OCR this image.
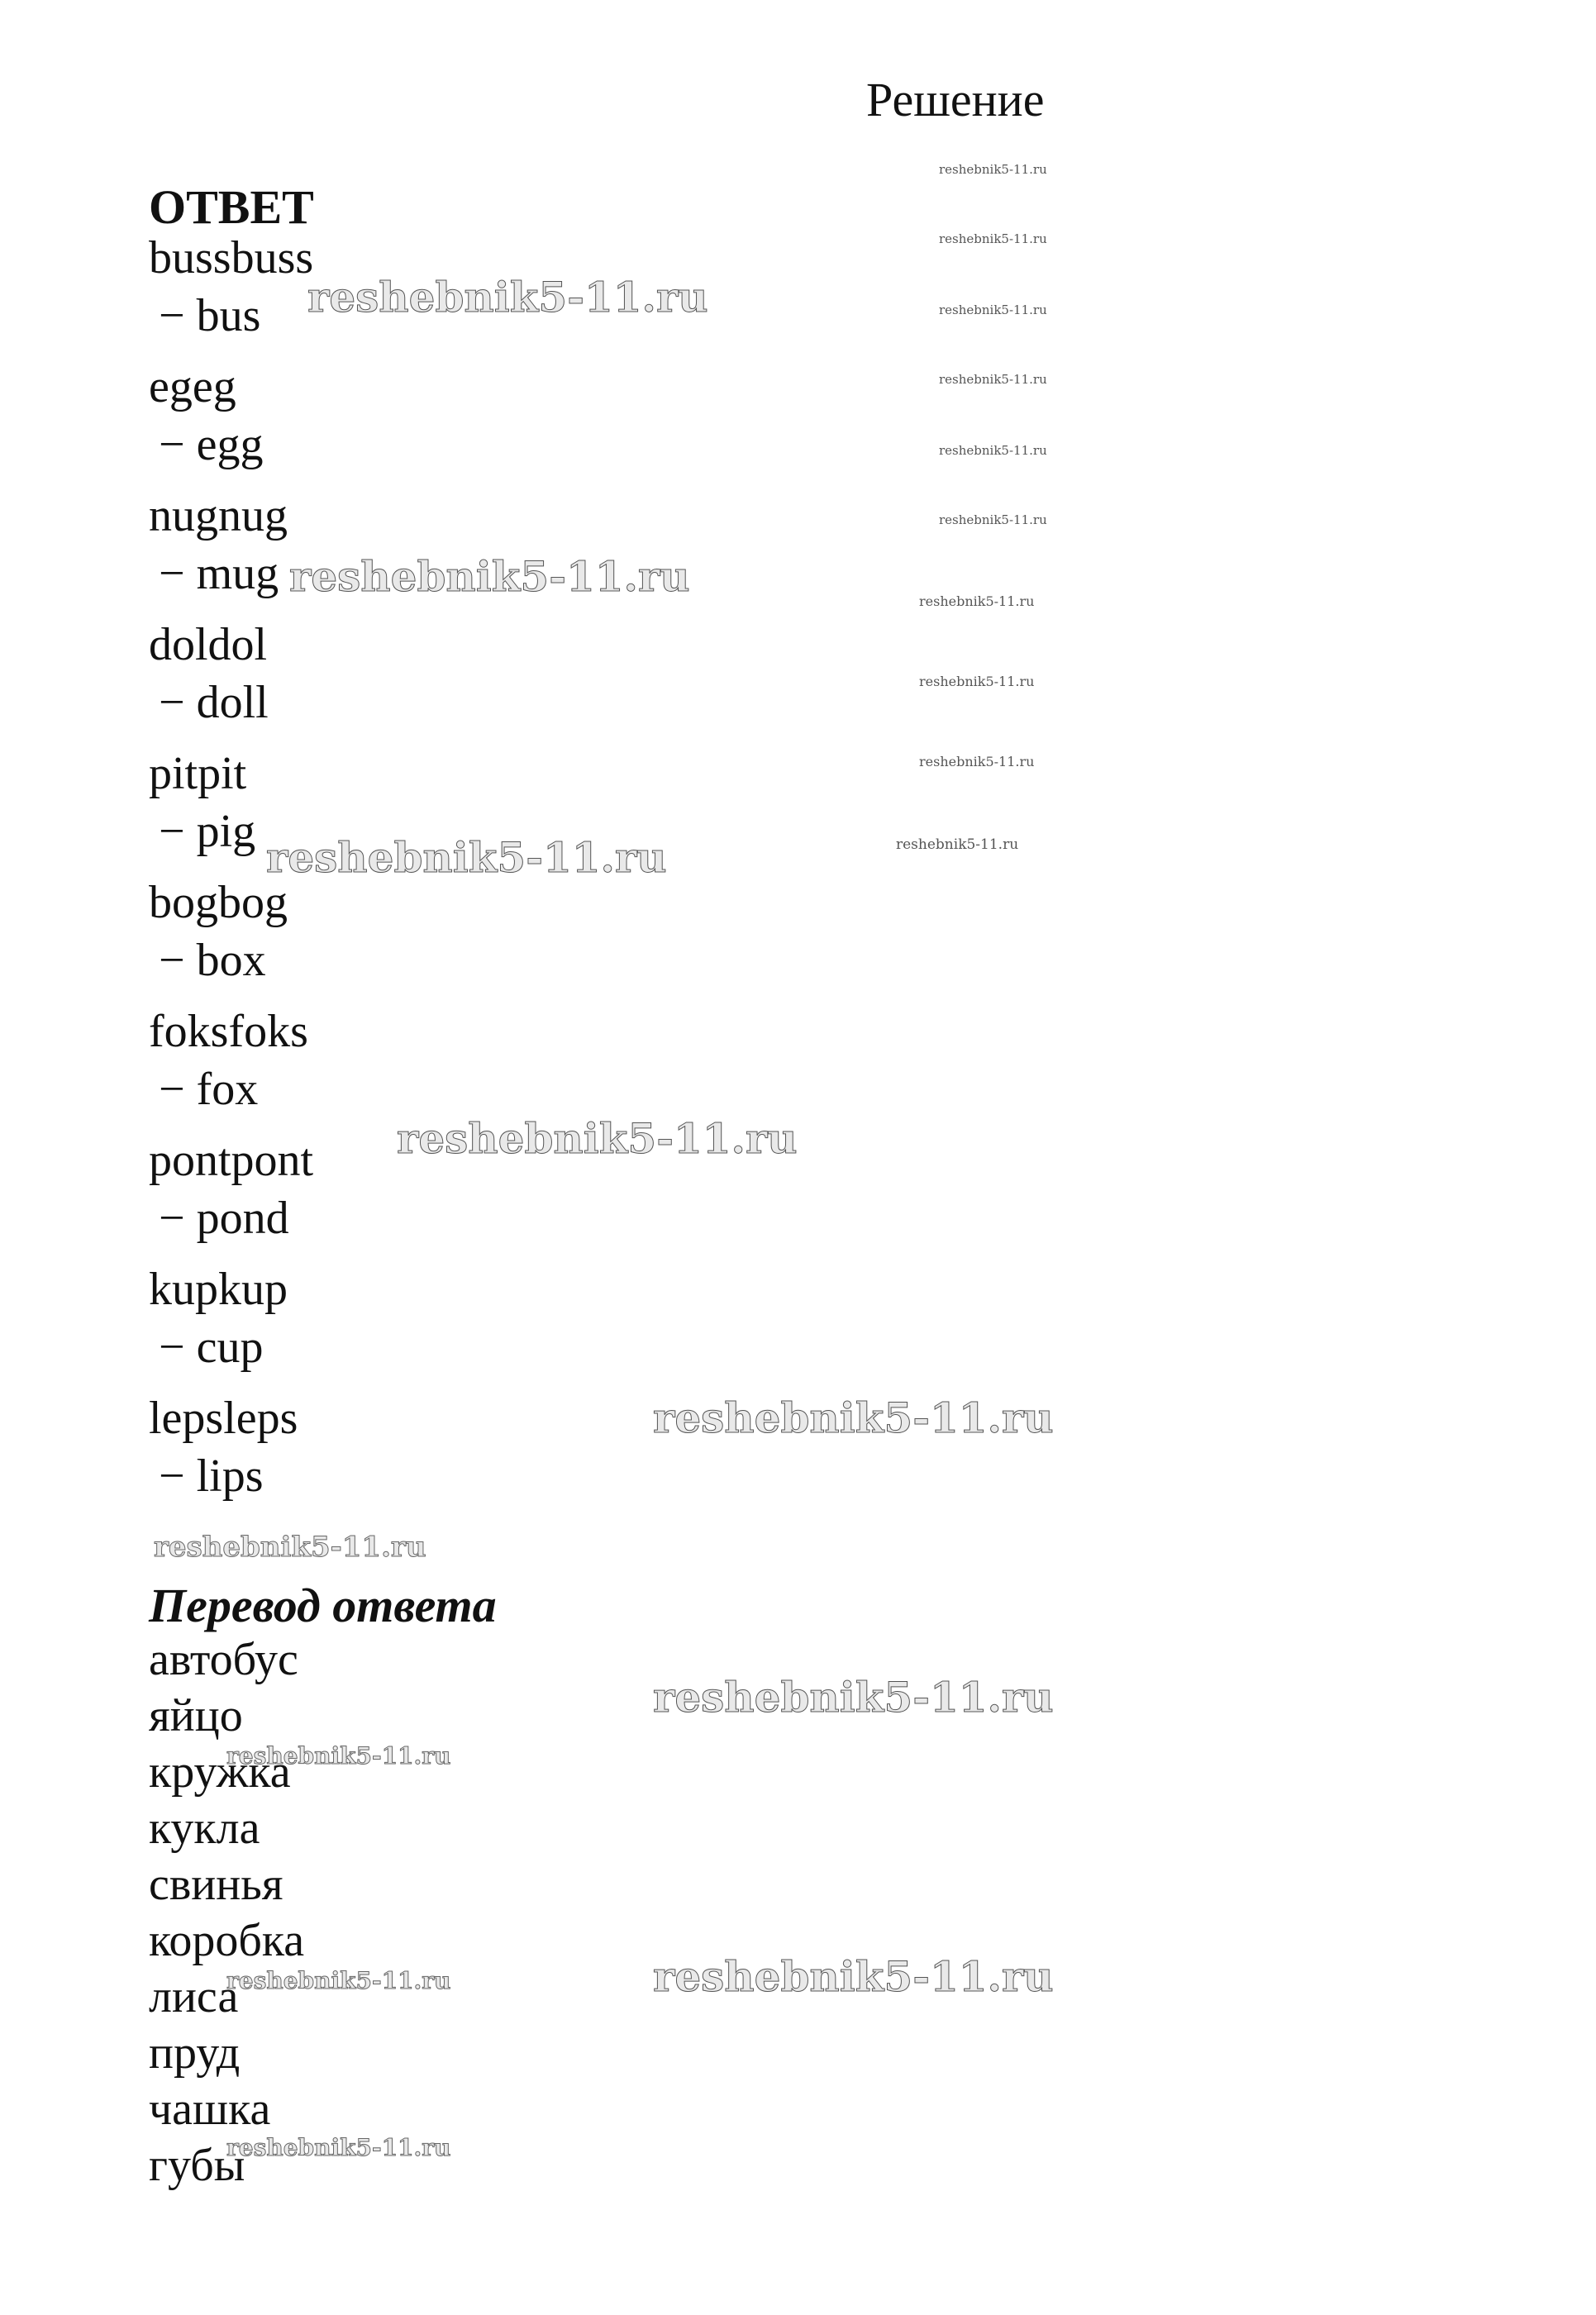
Решение
ОТВЕТ
bussbuss
− bus
egeg
− egg
nugnug
− mug
doldol
− doll
pitpit
− pig
bogbog
− box
foksfoks
− fox
pontpont
− pond
kupkup
− cup
lepsleps
− lips
Перевод ответа
автобус
яйцо
кружка
кукла
свинья
коробка
лиса
пруд
чашка
губы
reshebnik5-11.ru
reshebnik5-11.ru
reshebnik5-11.ru
reshebnik5-11.ru
reshebnik5-11.ru
reshebnik5-11.ru
reshebnik5-11.ru
reshebnik5-11.ru
reshebnik5-11.ru
reshebnik5-11.ru
reshebnik5-11.ru
reshebnik5-11.ru
reshebnik5-11.ru
reshebnik5-11.ru
reshebnik5-11.ru
reshebnik5-11.ru
reshebnik5-11.ru
reshebnik5-11.ru
reshebnik5-11.ru
reshebnik5-11.ru
reshebnik5-11.ru
